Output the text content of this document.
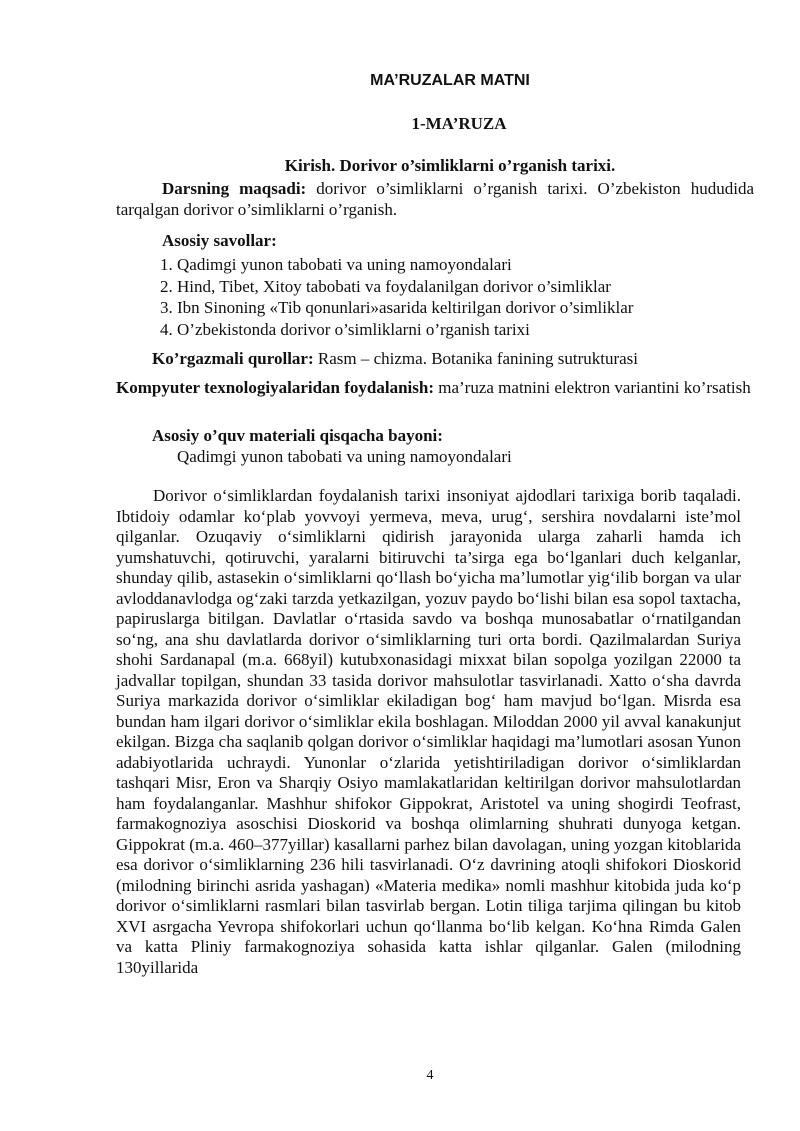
MA’RUZALAR MATNI
1-MA’RUZA
Kirish. Dorivor o’simliklarni o’rganish tarixi.
Darsning maqsadi: dorivor o’simliklarni o’rganish tarixi. O’zbekiston hududida tarqalgan dorivor o’simliklarni o’rganish.
Asosiy savollar:
1. Qadimgi yunon tabobati va uning namoyondalari
2. Hind, Tibet, Xitoy tabobati va foydalanilgan dorivor o’simliklar
3. Ibn Sinoning «Tib qonunlari»asarida keltirilgan dorivor o’simliklar
4. O’zbekistonda dorivor o’simliklarni o’rganish tarixi
Ko’rgazmali qurollar: Rasm – chizma. Botanika fanining sutrukturasi
Kompyuter texnologiyalaridan foydalanish: ma’ruza matnini elektron variantini ko’rsatish
Asosiy o’quv materiali qisqacha bayoni:
Qadimgi yunon tabobati va uning namoyondalari
Dorivor o‘simliklardan foydalanish tarixi insoniyat ajdodlari tarixiga borib taqaladi. Ibtidoiy odamlar ko‘plab yovvoyi yermeva, meva, urug‘, sershira novdalarni iste’mol qilganlar. Ozuqaviy o‘simliklarni qidirish jarayonida ularga zaharli hamda ich yumshatuvchi, qotiruvchi, yaralarni bitiruvchi ta’sirga ega bo‘lganlari duch kelganlar, shunday qilib, astasekin o‘simliklarni qo‘llash bo‘yicha ma’lumotlar yig‘ilib borgan va ular avloddanavlodga og‘zaki tarzda yetkazilgan, yozuv paydo bo‘lishi bilan esa sopol taxtacha, papiruslarga bitilgan. Davlatlar o‘rtasida savdo va boshqa munosabatlar o‘rnatilgandan so‘ng, ana shu davlatlarda dorivor o‘simliklarning turi orta bordi. Qazilmalardan Suriya shohi Sardanapal (m.a. 668yil) kutubxonasidagi mixxat bilan sopolga yozilgan 22000 ta jadvallar topilgan, shundan 33 tasida dorivor mahsulotlar tasvirlanadi. Xatto o‘sha davrda Suriya markazida dorivor o‘simliklar ekiladigan bog‘ ham mavjud bo‘lgan. Misrda esa bundan ham ilgari dorivor o‘simliklar ekila boshlagan. Miloddan 2000 yil avval kanakunjut ekilgan. Bizga cha saqlanib qolgan dorivor o‘simliklar haqidagi ma’lumotlari asosan Yunon adabiyotlarida uchraydi. Yunonlar o‘zlarida yetishtiriladigan dorivor o‘simliklardan tashqari Misr, Eron va Sharqiy Osiyo mamlakatlaridan keltirilgan dorivor mahsulotlardan ham foydalanganlar. Mashhur shifokor Gippokrat, Aristotel va uning shogirdi Teofrast, farmakognoziya asoschisi Dioskorid va boshqa olimlarning shuhrati dunyoga ketgan. Gippokrat (m.a. 460–377yillar) kasallarni parhez bilan davolagan, uning yozgan kitoblarida esa dorivor o‘simliklarning 236 hili tasvirlanadi. O‘z davrining atoqli shifokori Dioskorid (milodning birinchi asrida yashagan) «Materia medika» nomli mashhur kitobida juda ko‘p dorivor o‘simliklarni rasmlari bilan tasvirlab bergan. Lotin tiliga tarjima qilingan bu kitob XVI asrgacha Yevropa shifokorlari uchun qo‘llanma bo‘lib kelgan. Ko‘hna Rimda Galen va katta Pliniy farmakognoziya sohasida katta ishlar qilganlar. Galen (milodning 130yillarida
4
